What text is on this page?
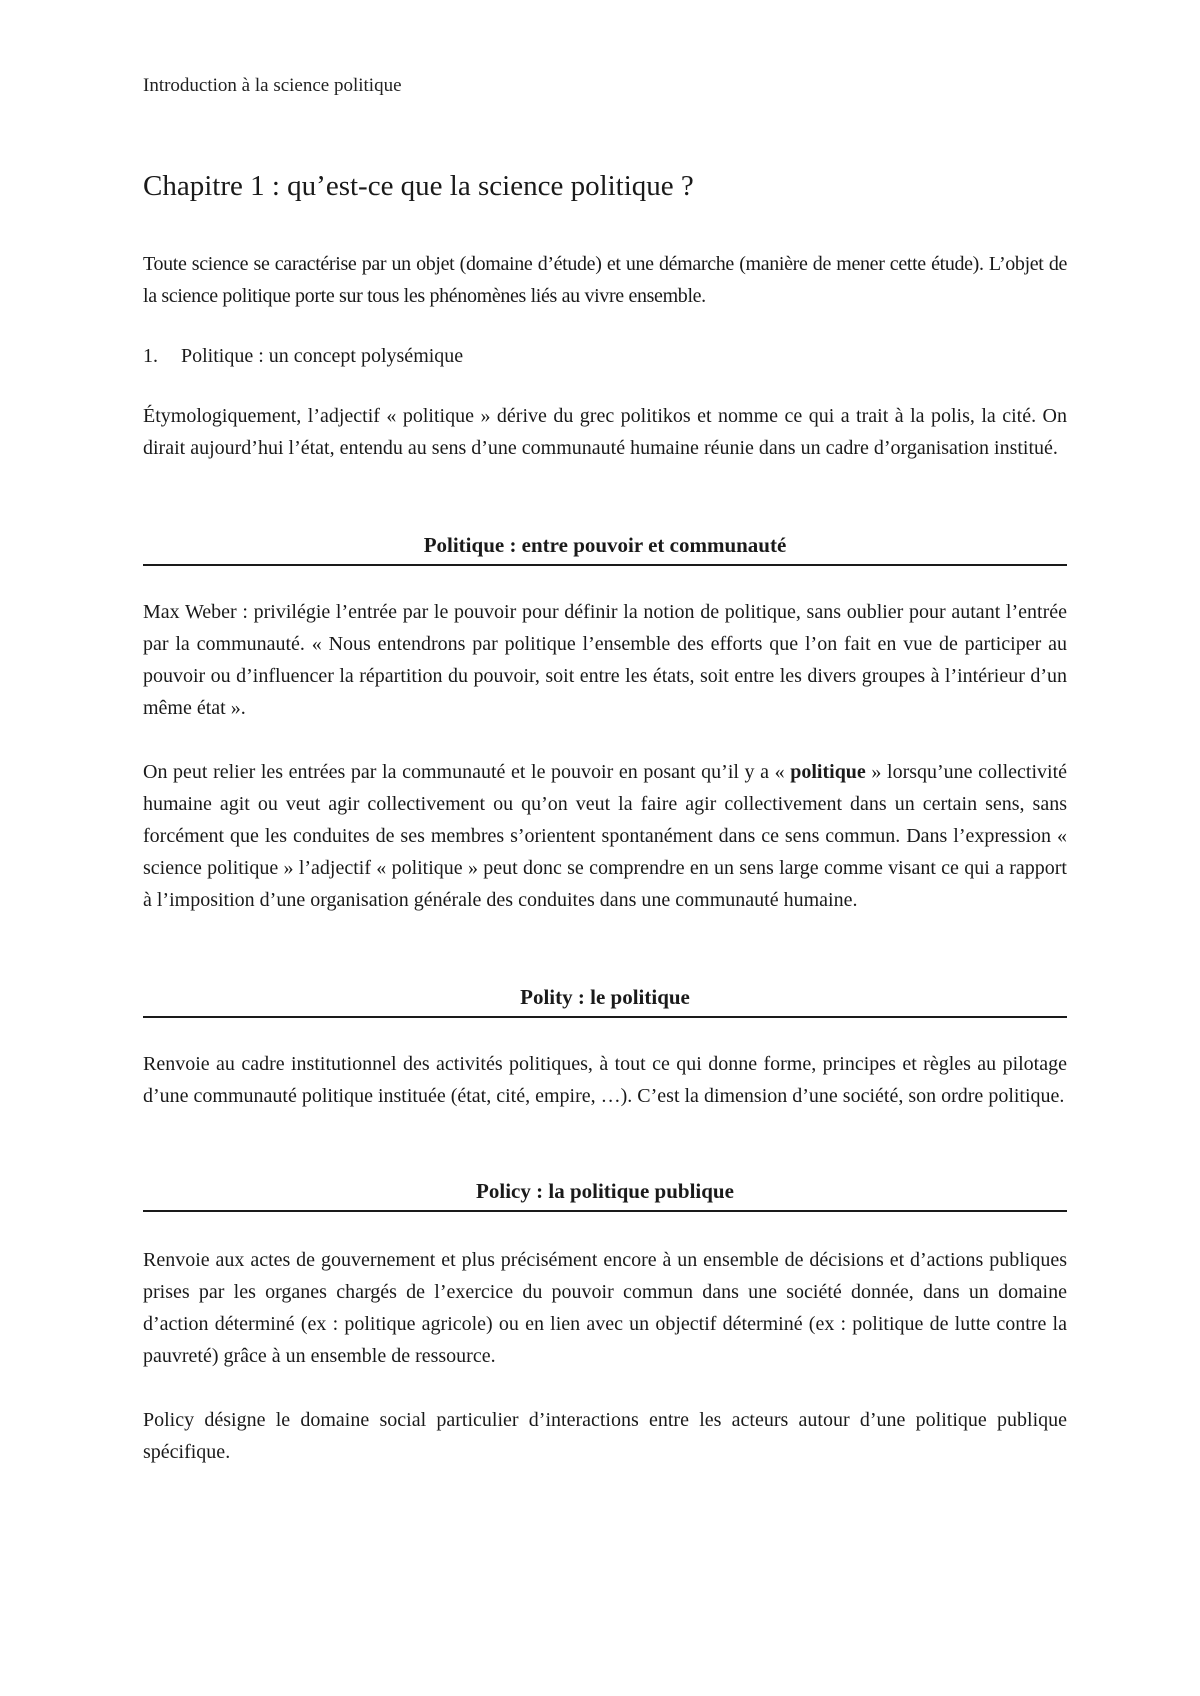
Introduction à la science politique
Chapitre 1 : qu’est-ce que la science politique ?

Toute science se caractérise par un objet (domaine d’étude) et une démarche (manière de mener cette étude). L’objet de la science politique porte sur tous les phénomènes liés au vivre ensemble.

1. Politique : un concept polysémique

Étymologiquement, l’adjectif « politique » dérive du grec politikos et nomme ce qui a trait à la polis, la cité. On dirait aujourd’hui l’état, entendu au sens d’une communauté humaine réunie dans un cadre d’organisation institué.

Politique : entre pouvoir et communauté

Max Weber : privilégie l’entrée par le pouvoir pour définir la notion de politique, sans oublier pour autant l’entrée par la communauté. « Nous entendrons par politique l’ensemble des efforts que l’on fait en vue de participer au pouvoir ou d’influencer la répartition du pouvoir, soit entre les états, soit entre les divers groupes à l’intérieur d’un même état ».

On peut relier les entrées par la communauté et le pouvoir en posant qu’il y a « politique » lorsqu’une collectivité humaine agit ou veut agir collectivement ou qu’on veut la faire agir collectivement dans un certain sens, sans forcément que les conduites de ses membres s’orientent spontanément dans ce sens commun. Dans l’expression « science politique » l’adjectif « politique » peut donc se comprendre en un sens large comme visant ce qui a rapport à l’imposition d’une organisation générale des conduites dans une communauté humaine.

Polity : le politique

Renvoie au cadre institutionnel des activités politiques, à tout ce qui donne forme, principes et règles au pilotage d’une communauté politique instituée (état, cité, empire, …). C’est la dimension d’une société, son ordre politique.

Policy : la politique publique

Renvoie aux actes de gouvernement et plus précisément encore à un ensemble de décisions et d’actions publiques prises par les organes chargés de l’exercice du pouvoir commun dans une société donnée, dans un domaine d’action déterminé (ex : politique agricole) ou en lien avec un objectif déterminé (ex : politique de lutte contre la pauvreté) grâce à un ensemble de ressource.

Policy désigne le domaine social particulier d’interactions entre les acteurs autour d’une politique publique spécifique.
